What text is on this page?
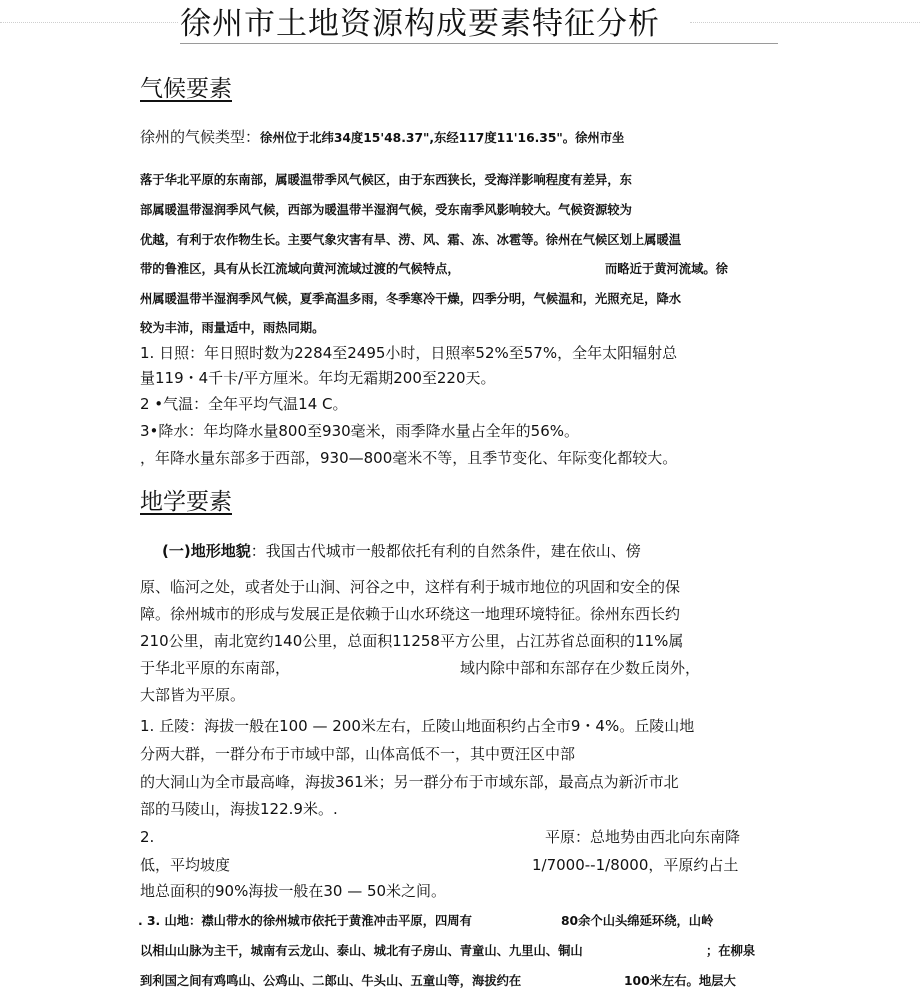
徐州市土地资源构成要素特征分析
气候要素
徐州的气候类型：徐州位于北纬34度15'48.37",东经117度11'16.35"。徐州市坐
落于华北平原的东南部，属暖温带季风气候区，由于东西狭长，受海洋影响程度有差异，东
部属暖温带湿润季风气候，西部为暖温带半湿润气候，受东南季风影响较大。气候资源较为
优越，有利于农作物生长。主要气象灾害有旱、涝、风、霜、冻、冰雹等。徐州在气候区划上属暖温
带的鲁淮区，具有从长江流域向黄河流域过渡的气候特点，	而略近于黄河流域。徐
州属暖温带半湿润季风气候，夏季高温多雨，冬季寒冷干燥，四季分明，气候温和，光照充足，降水
较为丰沛，雨量适中，雨热同期。
1. 日照：年日照时数为2284至2495小时，日照率52%至57%，全年太阳辐射总
量119・4千卡/平方厘米。年均无霜期200至220天。
2 •气温：全年平均气温14 C。
3•降水：年均降水量800至930毫米，雨季降水量占全年的56%。
，年降水量东部多于西部，930—800毫米不等，且季节变化、年际变化都较大。
地学要素
(一)地形地貌：我国古代城市一般都依托有利的自然条件，建在依山、傍
原、临河之处，或者处于山涧、河谷之中，这样有利于城市地位的巩固和安全的保
障。徐州城市的形成与发展正是依赖于山水环绕这一地理环境特征。徐州东西长约
210公里，南北宽约140公里，总面积11258平方公里，占江苏省总面积的11%属
于华北平原的东南部，	域内除中部和东部存在少数丘岗外，
大部皆为平原。
1. 丘陵：海拔一般在100 — 200米左右，丘陵山地面积约占全市9・4%。丘陵山地
分两大群，一群分布于市域中部，山体高低不一，其中贾汪区中部
的大洞山为全市最高峰，海拔361米；另一群分布于市域东部，最高点为新沂市北
部的马陵山，海拔122.9米。.
2.	平原：总地势由西北向东南降
低，平均坡度	1/7000--1/8000，平原约占土
地总面积的90%海拔一般在30 — 50米之间。
. 3. 山地：襟山带水的徐州城市依托于黄淮冲击平原，四周有	80余个山头绵延环绕，山岭
以相山山脉为主干，城南有云龙山、泰山、城北有子房山、青童山、九里山、铜山	；在柳泉
到利国之间有鸡鸣山、公鸡山、二郎山、牛头山、五童山等，海拔约在	100米左右。地层大
